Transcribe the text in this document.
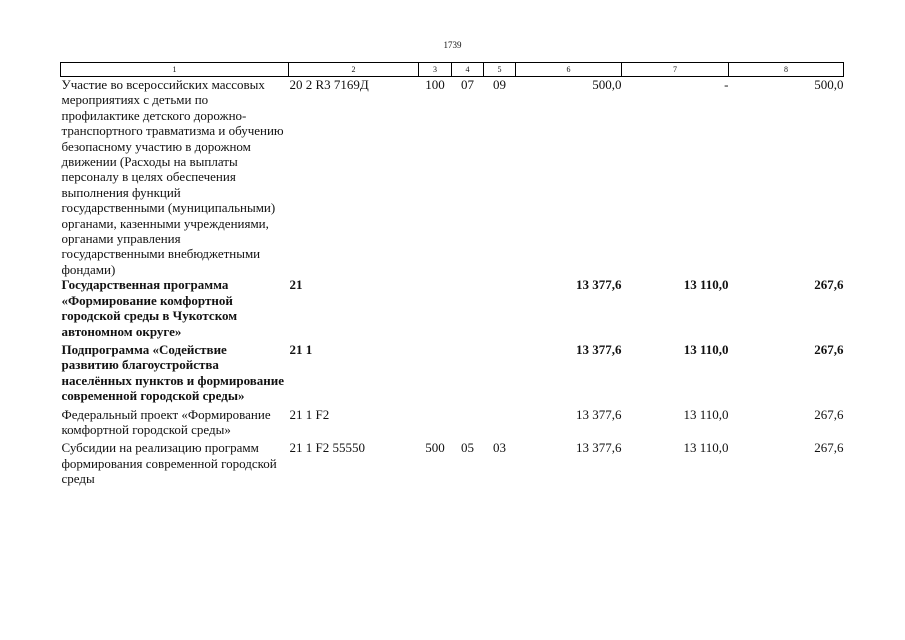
1739
1	2	3	4	5	6	7	8
Участие во всероссийских массовых мероприятиях с детьми по профилактике детского дорожно-транспортного травматизма и обучению безопасному участию в дорожном движении (Расходы на выплаты персоналу в целях обеспечения выполнения функций государственными (муниципальными) органами, казенными учреждениями, органами управления государственными внебюджетными фондами)	20 2 R3 7169Д	100	07	09	500,0	-	500,0
Государственная программа «Формирование комфортной городской среды в Чукотском автономном округе»	21				13 377,6	13 110,0	267,6
Подпрограмма «Содействие развитию благоустройства населённых пунктов и формирование современной городской среды»	21 1				13 377,6	13 110,0	267,6
Федеральный проект «Формирование комфортной городской среды»	21 1 F2				13 377,6	13 110,0	267,6
Субсидии на реализацию программ формирования современной городской среды	21 1 F2 55550	500	05	03	13 377,6	13 110,0	267,6
